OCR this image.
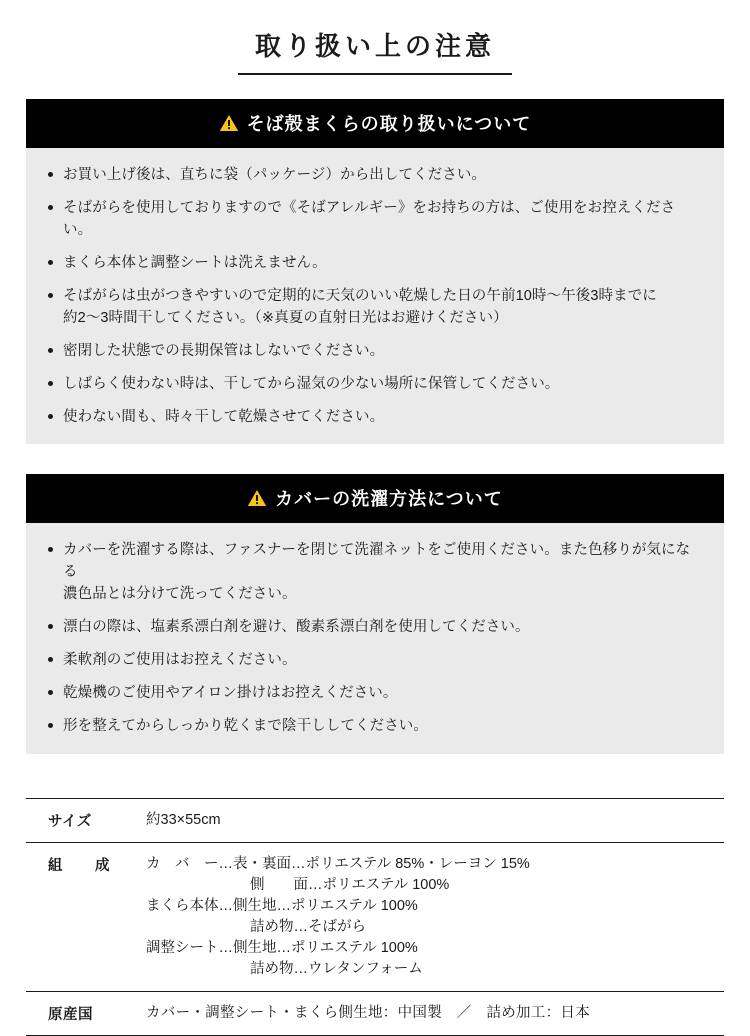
取り扱い上の注意
そば殻まくらの取り扱いについて
お買い上げ後は、直ちに袋（パッケージ）から出してください。
そばがらを使用しておりますので《そばアレルギー》をお持ちの方は、ご使用をお控えください。
まくら本体と調整シートは洗えません。
そばがらは虫がつきやすいので定期的に天気のいい乾燥した日の午前10時〜午後3時までに
約2〜3時間干してください。（※真夏の直射日光はお避けください）
密閉した状態での長期保管はしないでください。
しばらく使わない時は、干してから湿気の少ない場所に保管してください。
使わない間も、時々干して乾燥させてください。
カバーの洗濯方法について
カバーを洗濯する際は、ファスナーを閉じて洗濯ネットをご使用ください。また色移りが気になる
濃色品とは分けて洗ってください。
漂白の際は、塩素系漂白剤を避け、酸素系漂白剤を使用してください。
柔軟剤のご使用はお控えください。
乾燥機のご使用やアイロン掛けはお控えください。
形を整えてからしっかり乾くまで陰干ししてください。
サイズ	約33×55cm
組　成	カ　バ　ー…表・裏面…ポリエステル 85%・レーヨン 15%
側　　面…ポリエステル 100%
まくら本体…側生地…ポリエステル 100%
詰め物…そばがら
調整シート…側生地…ポリエステル 100%
詰め物…ウレタンフォーム

原産国	カバー・調整シート・まくら側生地：中国製　／　詰め加工：日本
